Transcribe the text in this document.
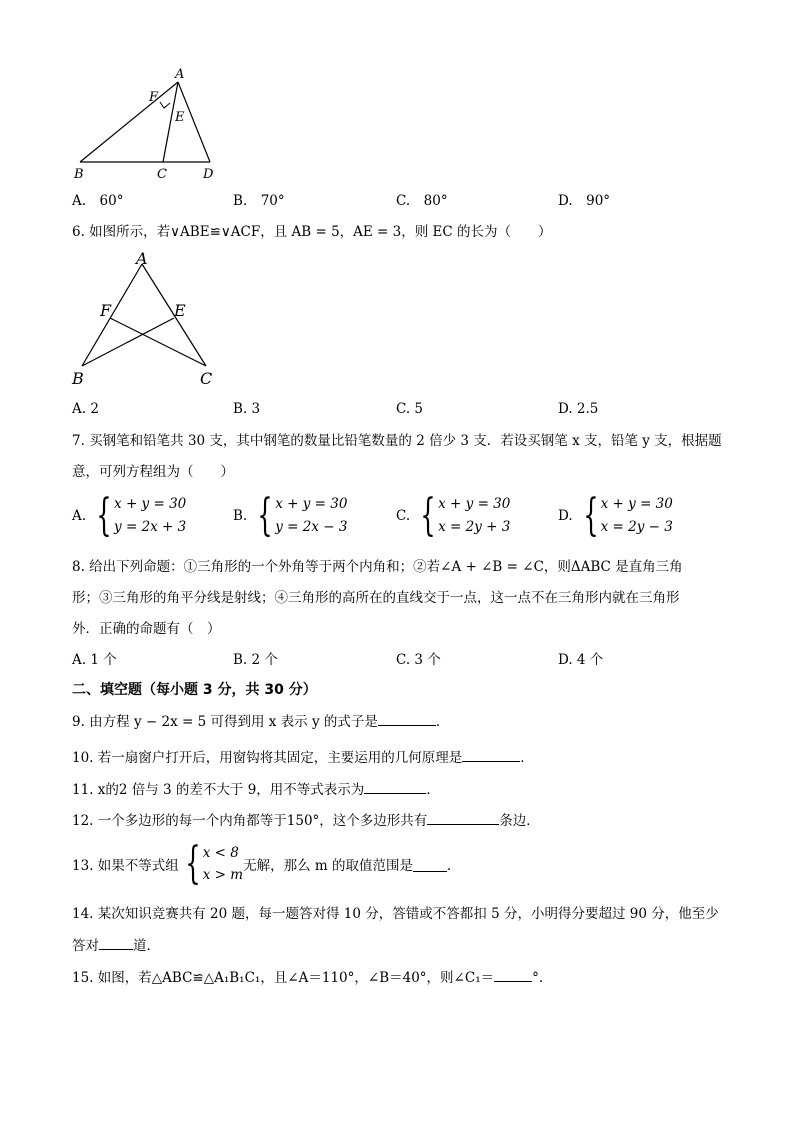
A
F
E
B	C	D
A.　60°	B.　70°	C.　80°	D.　90°
6. 如图所示，若∨ABE≌∨ACF，且 AB = 5，AE = 3，则 EC 的长为（　　）
A
F	E
B	C
A. 2	B. 3	C. 5	D. 2.5
7. 买钢笔和铅笔共 30 支，其中钢笔的数量比铅笔数量的 2 倍少 3 支．若设买钢笔 x 支，铅笔 y 支，根据题
意，可列方程组为（　　）
A. { x + y = 30
y = 2x + 3
B. { x + y = 30
y = 2x − 3
C. { x + y = 30
x = 2y + 3
D. { x + y = 30
x = 2y − 3
8. 给出下列命题：①三角形的一个外角等于两个内角和；②若∠A + ∠B = ∠C，则ΔABC 是直角三角
形；③三角形的角平分线是射线；④三角形的高所在的直线交于一点，这一点不在三角形内就在三角形
外．正确的命题有（　）
A. 1 个	B. 2 个	C. 3 个	D. 4 个
二、填空题（每小题 3 分，共 30 分）
9. 由方程 y − 2x = 5 可得到用 x 表示 y 的式子是	．
10. 若一扇窗户打开后，用窗钩将其固定，主要运用的几何原理是	．
11. x的2 倍与 3 的差不大于 9，用不等式表示为	．
12. 一个多边形的每一个内角都等于150°，这个多边形共有	条边．
13. 如果不等式组 { x < 8
x > m
无解，那么 m 的取值范围是	．
14. 某次知识竞赛共有 20 题，每一题答对得 10 分，答错或不答都扣 5 分，小明得分要超过 90 分，他至少
答对	道．
15. 如图，若△ABC≌△A₁B₁C₁，且∠A＝110°，∠B＝40°，则∠C₁＝	°.
